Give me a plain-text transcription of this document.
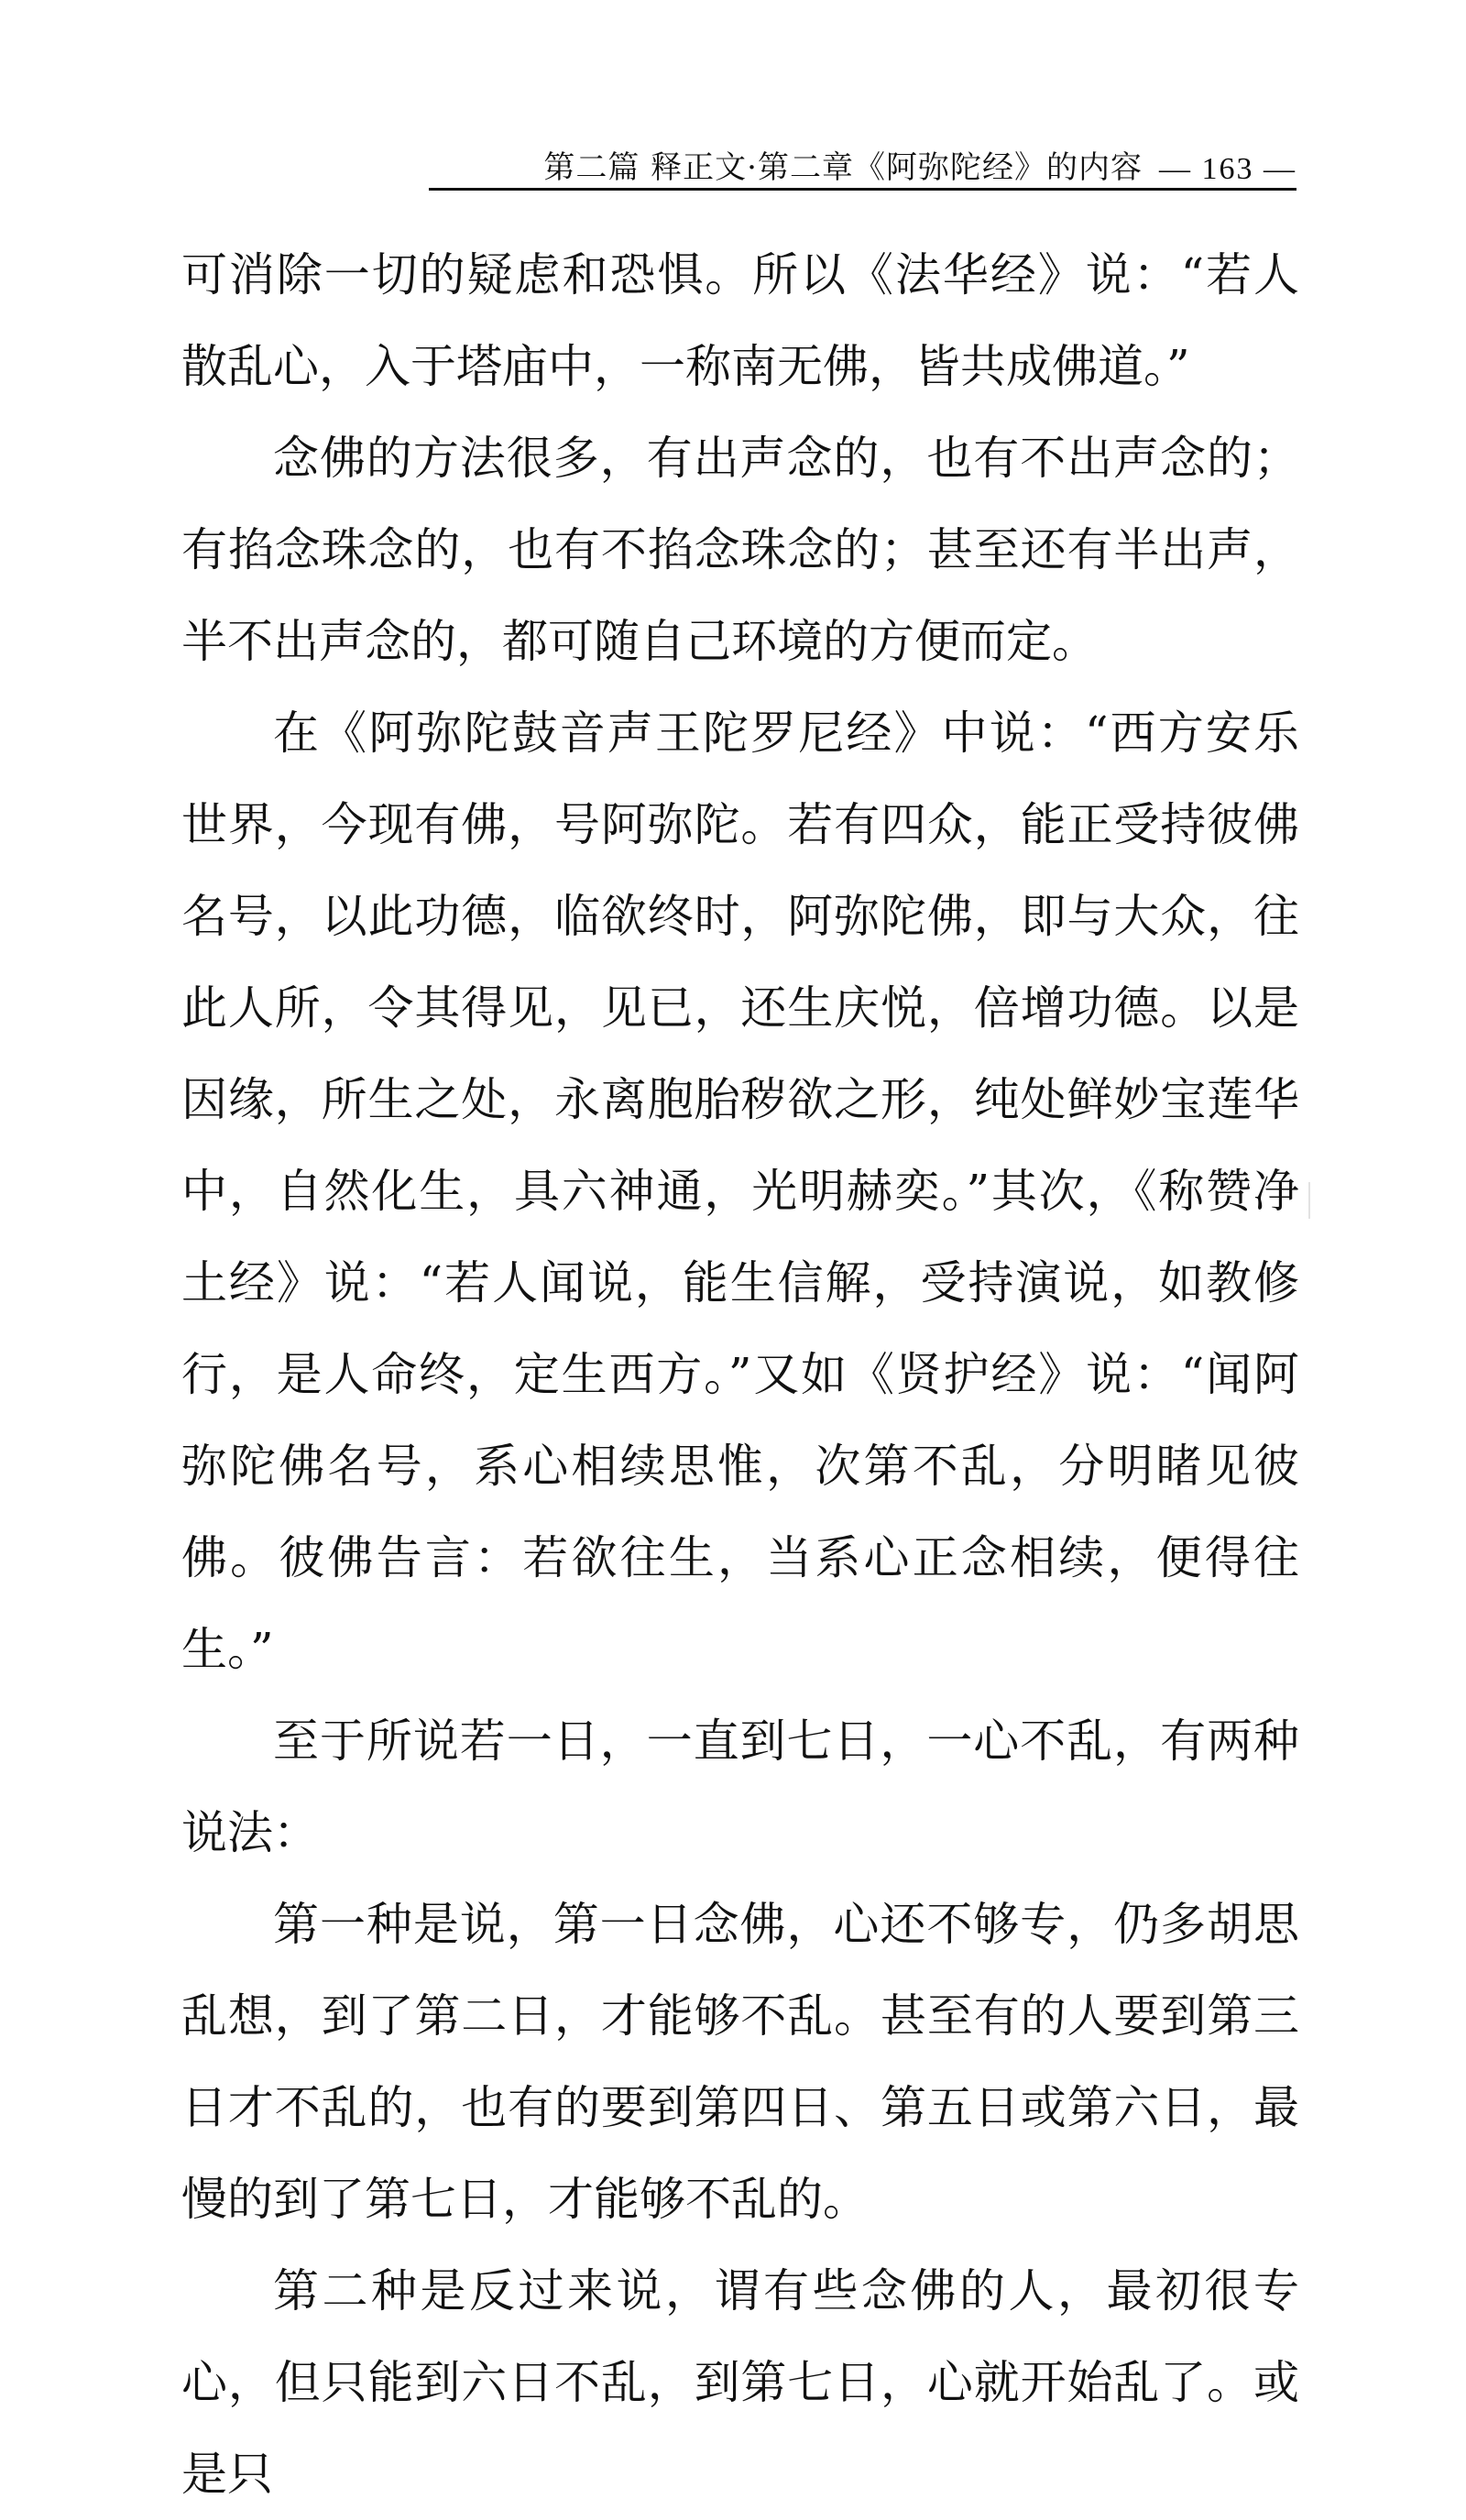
第二篇 释正文·第二章《阿弥陀经》的内容 — 163 —

可消除一切的疑虑和恐惧。所以《法华经》说：“若人散乱心，入于塔庙中，一称南无佛，皆共成佛道。”

念佛的方法很多，有出声念的，也有不出声念的；有掐念珠念的，也有不掐念珠念的；甚至还有半出声，半不出声念的，都可随自己环境的方便而定。

在《阿弥陀鼓音声王陀罗尼经》中说：“西方安乐世界，今现有佛，号阿弥陀。若有四众，能正受持彼佛名号，以此功德，临欲终时，阿弥陀佛，即与大众，往此人所，令其得见，见已，还生庆悦，倍增功德。以是因缘，所生之处，永离胞胎秽欲之形，纯处鲜妙宝莲华中，自然化生，具六神通，光明赫奕。”其次，《称赞净土经》说：“若人闻说，能生信解，受持演说，如教修行，是人命终，定生西方。”又如《贤护经》说：“闻阿弥陀佛名号，系心相续思惟，次第不乱，分明睹见彼佛。彼佛告言：若欲往生，当系心正念相续，便得往生。”

至于所说若一日，一直到七日，一心不乱，有两种说法：

第一种是说，第一日念佛，心还不够专，仍多胡思乱想，到了第二日，才能够不乱。甚至有的人要到第三日才不乱的，也有的要到第四日、第五日或第六日，最慢的到了第七日，才能够不乱的。

第二种是反过来说，谓有些念佛的人，最初很专心，但只能到六日不乱，到第七日，心就开始乱了。或是只
